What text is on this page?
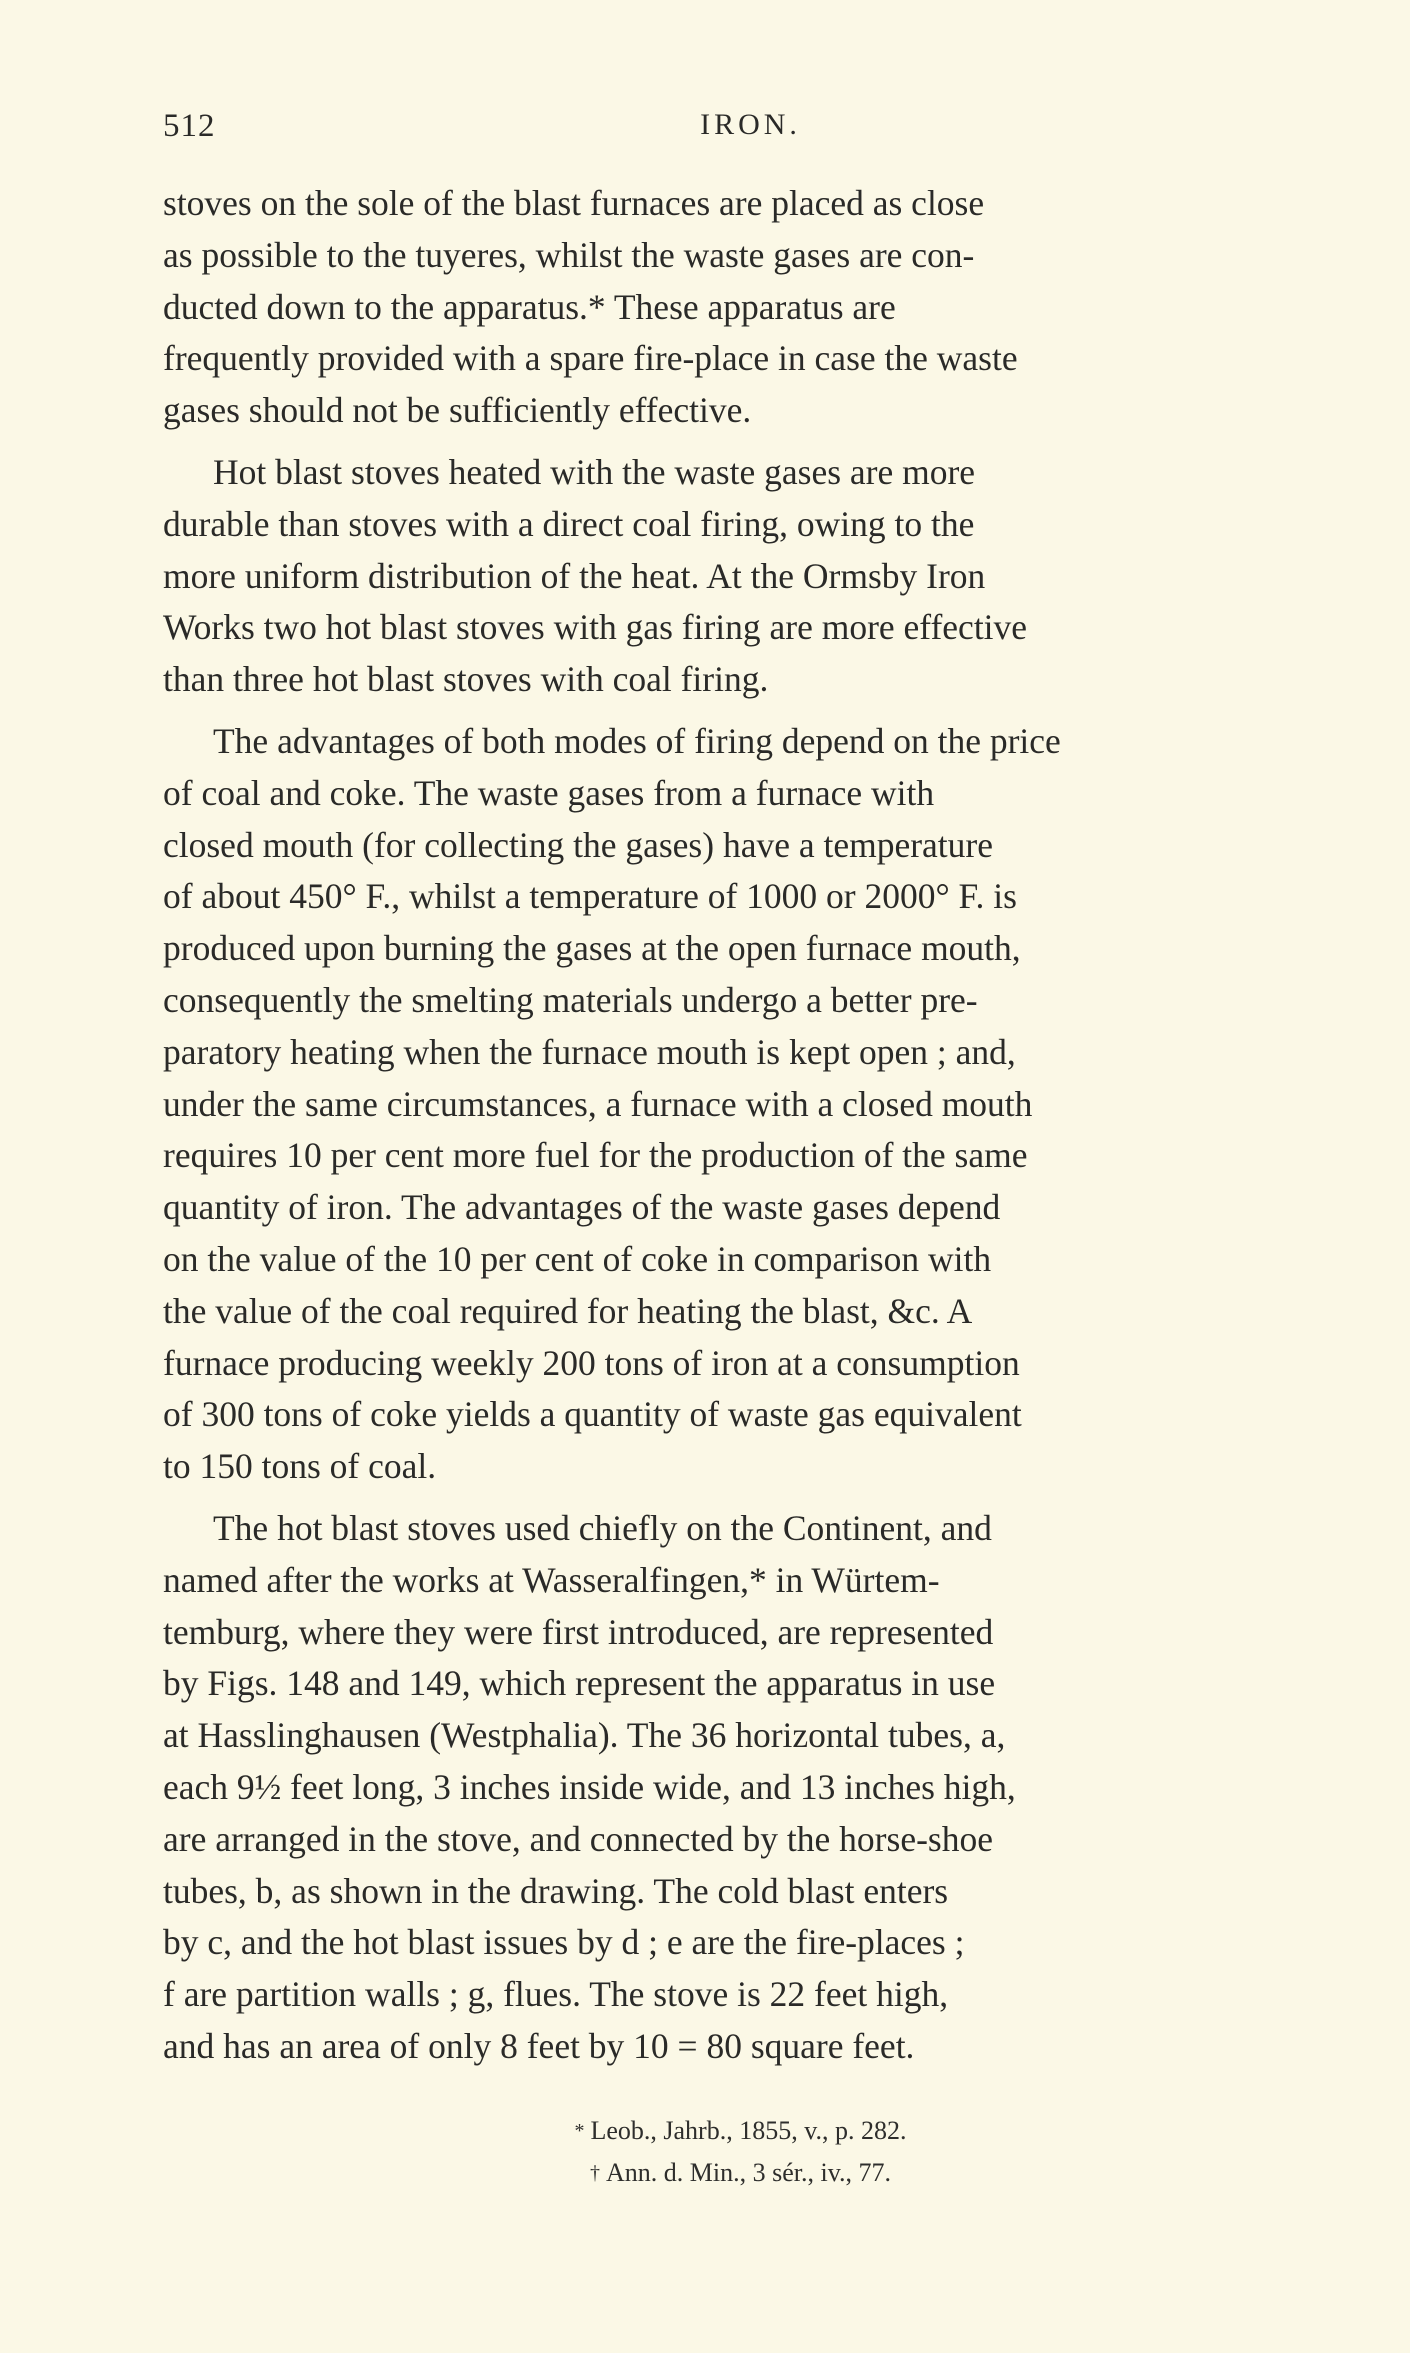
512	IRON.

stoves on the sole of the blast furnaces are placed as close
as possible to the tuyeres, whilst the waste gases are con-
ducted down to the apparatus.* These apparatus are
frequently provided with a spare fire-place in case the waste
gases should not be sufficiently effective.

Hot blast stoves heated with the waste gases are more
durable than stoves with a direct coal firing, owing to the
more uniform distribution of the heat. At the Ormsby Iron
Works two hot blast stoves with gas firing are more effective
than three hot blast stoves with coal firing.

The advantages of both modes of firing depend on the price
of coal and coke. The waste gases from a furnace with
closed mouth (for collecting the gases) have a temperature
of about 450° F., whilst a temperature of 1000 or 2000° F. is
produced upon burning the gases at the open furnace mouth,
consequently the smelting materials undergo a better pre-
paratory heating when the furnace mouth is kept open ; and,
under the same circumstances, a furnace with a closed mouth
requires 10 per cent more fuel for the production of the same
quantity of iron. The advantages of the waste gases depend
on the value of the 10 per cent of coke in comparison with
the value of the coal required for heating the blast, &c. A
furnace producing weekly 200 tons of iron at a consumption
of 300 tons of coke yields a quantity of waste gas equivalent
to 150 tons of coal.

The hot blast stoves used chiefly on the Continent, and
named after the works at Wasseralfingen,* in Würtem-
temburg, where they were first introduced, are represented
by Figs. 148 and 149, which represent the apparatus in use
at Hasslinghausen (Westphalia). The 36 horizontal tubes, a,
each 9½ feet long, 3 inches inside wide, and 13 inches high,
are arranged in the stove, and connected by the horse-shoe
tubes, b, as shown in the drawing. The cold blast enters
by c, and the hot blast issues by d ; e are the fire-places ;
f are partition walls ; g, flues. The stove is 22 feet high,
and has an area of only 8 feet by 10 = 80 square feet.

* Leob., Jahrb., 1855, v., p. 282.
† Ann. d. Min., 3 sér., iv., 77.
